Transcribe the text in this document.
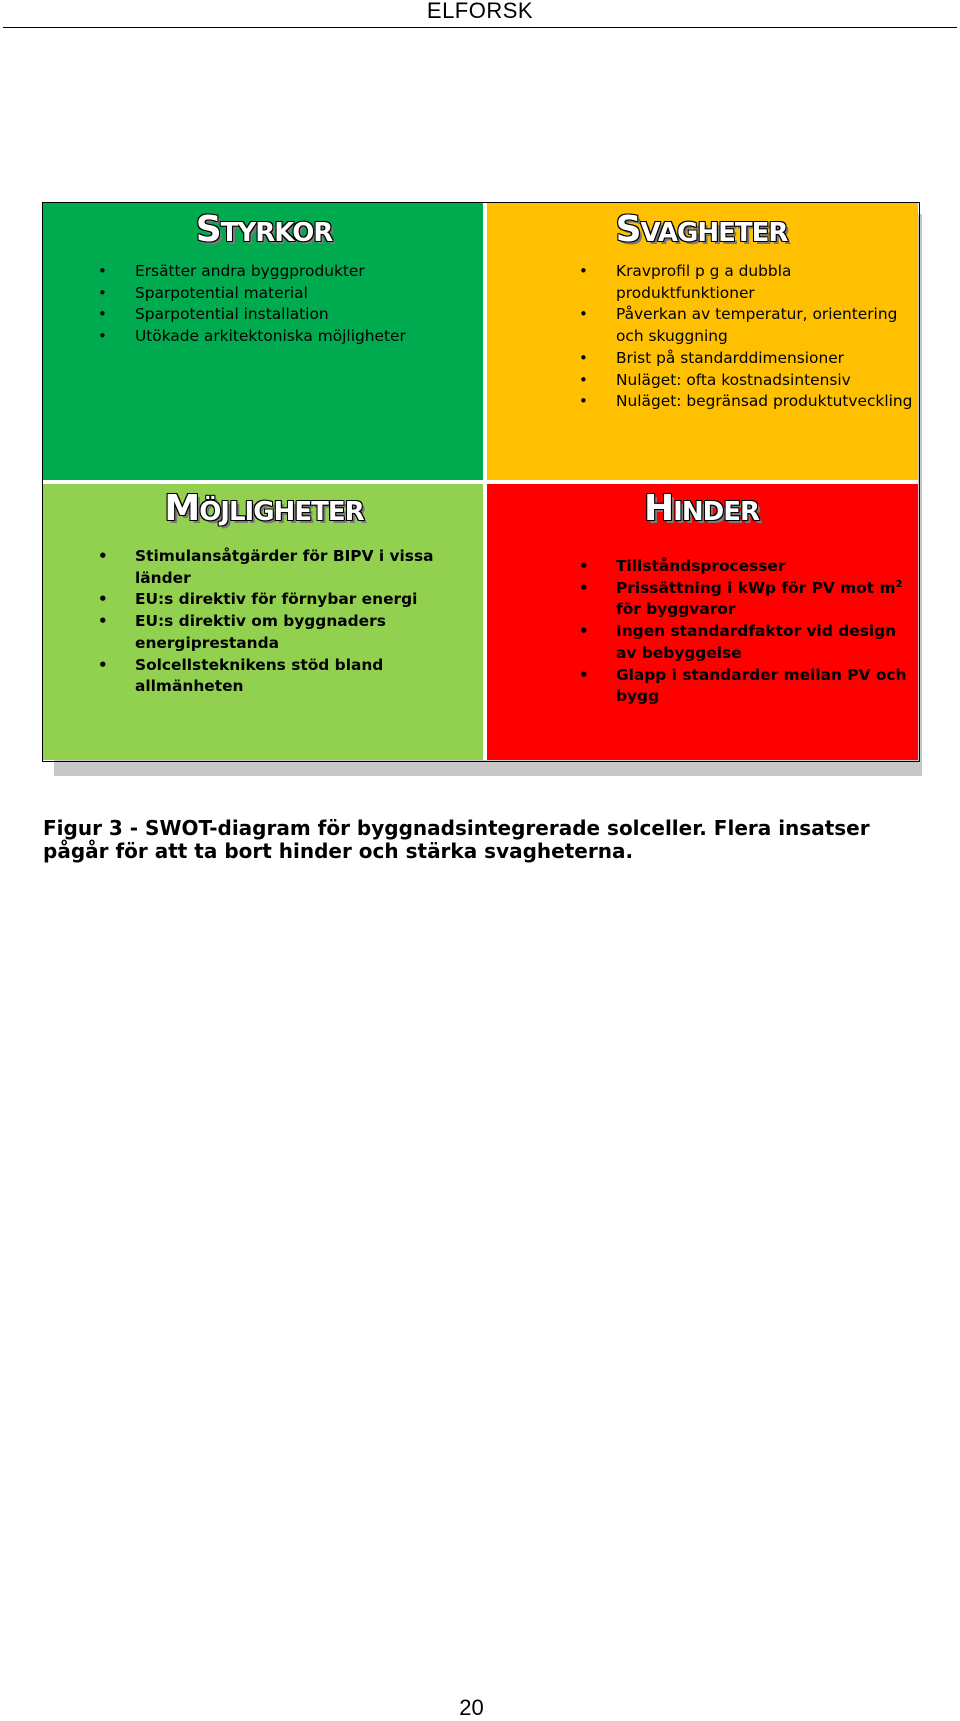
ELFORSK
STYRKOR
• Ersätter andra byggprodukter
• Sparpotential material
• Sparpotential installation
• Utökade arkitektoniska möjligheter
SVAGHETER
• Kravprofil p g a dubbla produktfunktioner
• Påverkan av temperatur, orientering och skuggning
• Brist på standarddimensioner
• Nuläget: ofta kostnadsintensiv
• Nuläget: begränsad produktutveckling
MÖJLIGHETER
• Stimulansåtgärder för BIPV i vissa länder
• EU:s direktiv för förnybar energi
• EU:s direktiv om byggnaders energiprestanda
• Solcellsteknikens stöd bland allmänheten
HINDER
• Tillståndsprocesser
• Prissättning i kWp för PV mot $m^2$ för byggvaror
• Ingen standardfaktor vid design av bebyggelse
• Glapp i standarder mellan PV och bygg
Figur 3 - SWOT-diagram för byggnadsintegrerade solceller. Flera insatser pågår för att ta bort hinder och stärka svagheterna.
20
